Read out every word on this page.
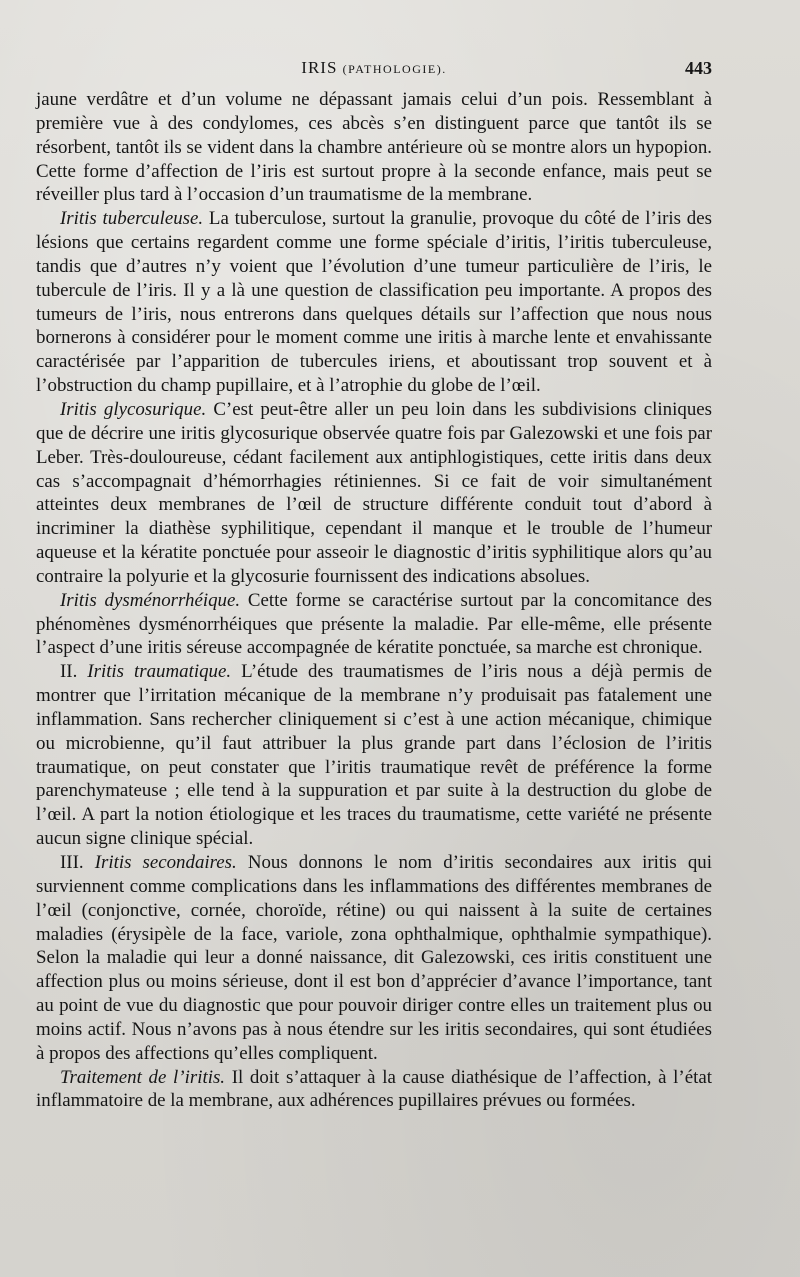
IRIS (PATHOLOGIE).	443

jaune verdâtre et d’un volume ne dépassant jamais celui d’un pois. Ressemblant à première vue à des condylomes, ces abcès s’en distinguent parce que tantôt ils se résorbent, tantôt ils se vident dans la chambre antérieure où se montre alors un hypopion. Cette forme d’affection de l’iris est surtout propre à la seconde enfance, mais peut se réveiller plus tard à l’occasion d’un traumatisme de la membrane.

Iritis tuberculeuse. La tuberculose, surtout la granulie, provoque du côté de l’iris des lésions que certains regardent comme une forme spéciale d’iritis, l’iritis tuberculeuse, tandis que d’autres n’y voient que l’évolution d’une tumeur particulière de l’iris, le tubercule de l’iris. Il y a là une question de classification peu importante. A propos des tumeurs de l’iris, nous entrerons dans quelques détails sur l’affection que nous nous bornerons à considérer pour le moment comme une iritis à marche lente et envahissante caractérisée par l’apparition de tubercules iriens, et aboutissant trop souvent et à l’obstruction du champ pupillaire, et à l’atrophie du globe de l’œil.

Iritis glycosurique. C’est peut-être aller un peu loin dans les subdivisions cliniques que de décrire une iritis glycosurique observée quatre fois par Galezowski et une fois par Leber. Très-douloureuse, cédant facilement aux antiphlogistiques, cette iritis dans deux cas s’accompagnait d’hémorrhagies rétiniennes. Si ce fait de voir simultanément atteintes deux membranes de l’œil de structure différente conduit tout d’abord à incriminer la diathèse syphilitique, cependant il manque et le trouble de l’humeur aqueuse et la kératite ponctuée pour asseoir le diagnostic d’iritis syphilitique alors qu’au contraire la polyurie et la glycosurie fournissent des indications absolues.

Iritis dysménorrhéique. Cette forme se caractérise surtout par la concomitance des phénomènes dysménorrhéiques que présente la maladie. Par elle-même, elle présente l’aspect d’une iritis séreuse accompagnée de kératite ponctuée, sa marche est chronique.

II. Iritis traumatique. L’étude des traumatismes de l’iris nous a déjà permis de montrer que l’irritation mécanique de la membrane n’y produisait pas fatalement une inflammation. Sans rechercher cliniquement si c’est à une action mécanique, chimique ou microbienne, qu’il faut attribuer la plus grande part dans l’éclosion de l’iritis traumatique, on peut constater que l’iritis traumatique revêt de préférence la forme parenchymateuse ; elle tend à la suppuration et par suite à la destruction du globe de l’œil. A part la notion étiologique et les traces du traumatisme, cette variété ne présente aucun signe clinique spécial.

III. Iritis secondaires. Nous donnons le nom d’iritis secondaires aux iritis qui surviennent comme complications dans les inflammations des différentes membranes de l’œil (conjonctive, cornée, choroïde, rétine) ou qui naissent à la suite de certaines maladies (érysipèle de la face, variole, zona ophthalmique, ophthalmie sympathique). Selon la maladie qui leur a donné naissance, dit Galezowski, ces iritis constituent une affection plus ou moins sérieuse, dont il est bon d’apprécier d’avance l’importance, tant au point de vue du diagnostic que pour pouvoir diriger contre elles un traitement plus ou moins actif. Nous n’avons pas à nous étendre sur les iritis secondaires, qui sont étudiées à propos des affections qu’elles compliquent.

Traitement de l’iritis. Il doit s’attaquer à la cause diathésique de l’affection, à l’état inflammatoire de la membrane, aux adhérences pupillaires prévues ou formées.
